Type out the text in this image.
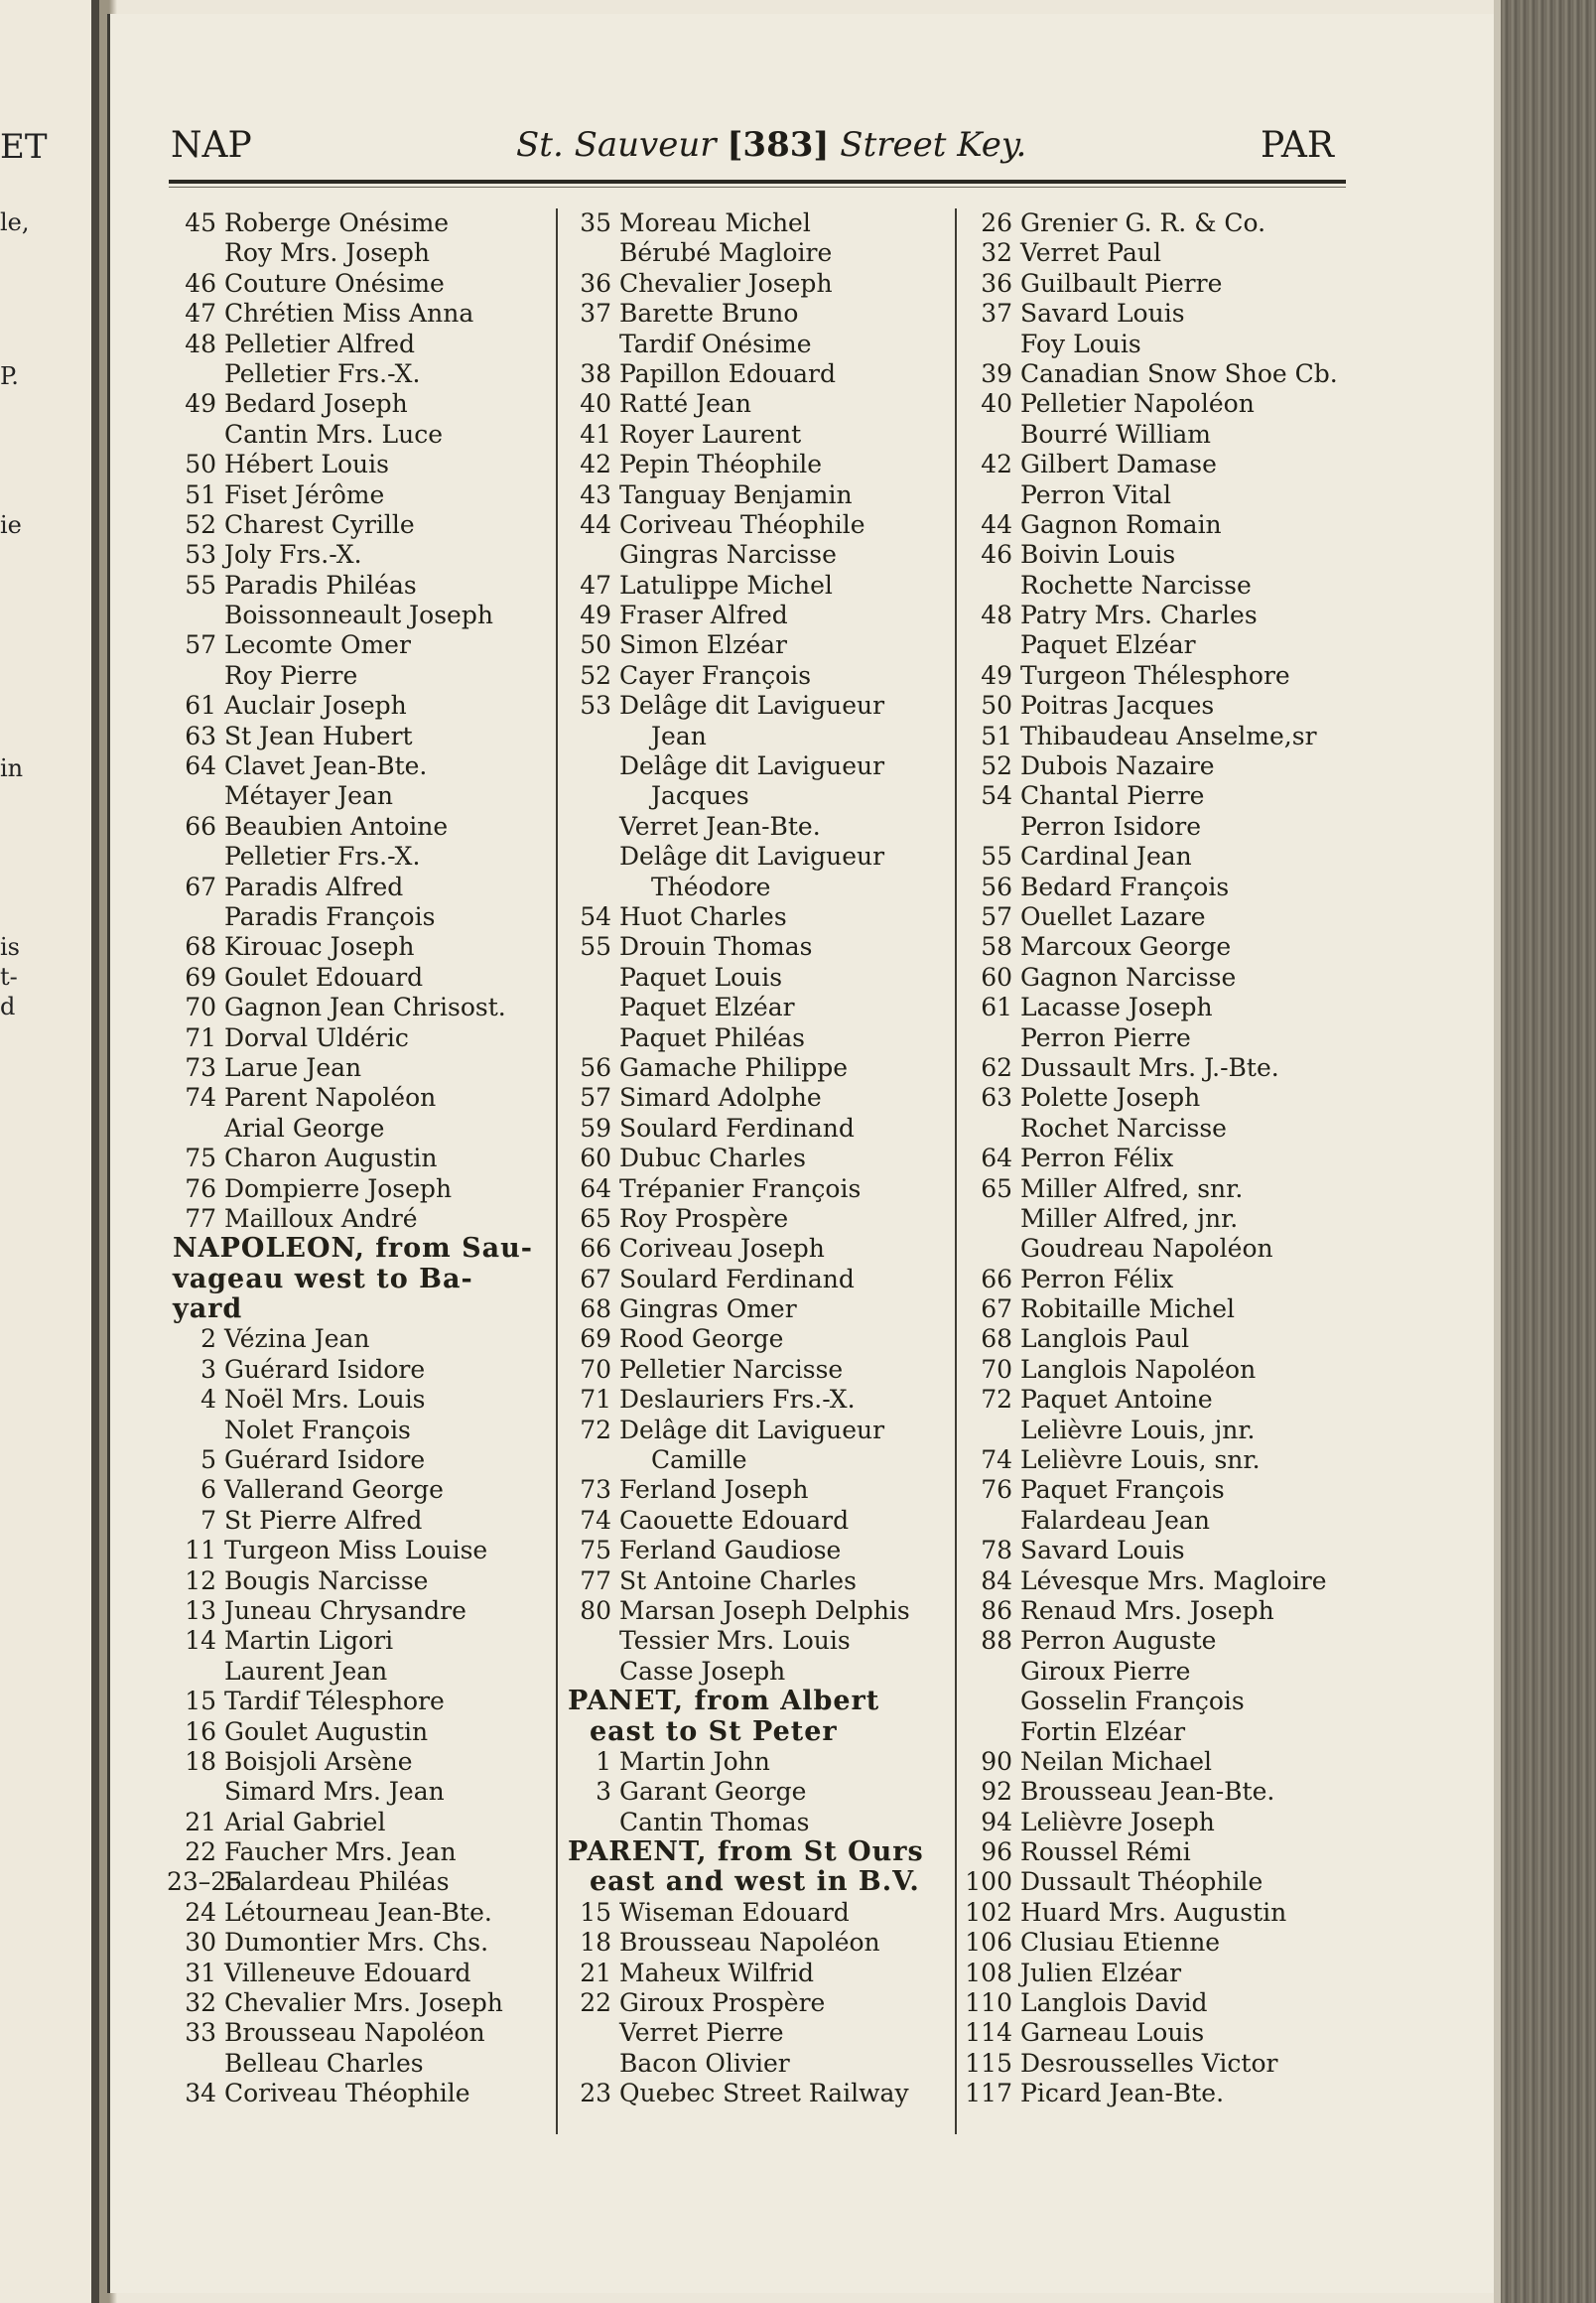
ET
le,
P.
ie
in
is
t-
d
NAP	St. Sauveur [383] Street Key.	PAR
45 Roberge Onésime
Roy Mrs. Joseph
46 Couture Onésime
47 Chrétien Miss Anna
48 Pelletier Alfred
Pelletier Frs.-X.
49 Bedard Joseph
Cantin Mrs. Luce
50 Hébert Louis
51 Fiset Jérôme
52 Charest Cyrille
53 Joly Frs.-X.
55 Paradis Philéas
Boissonneault Joseph
57 Lecomte Omer
Roy Pierre
61 Auclair Joseph
63 St Jean Hubert
64 Clavet Jean-Bte.
Métayer Jean
66 Beaubien Antoine
Pelletier Frs.-X.
67 Paradis Alfred
Paradis François
68 Kirouac Joseph
69 Goulet Edouard
70 Gagnon Jean Chrisost.
71 Dorval Uldéric
73 Larue Jean
74 Parent Napoléon
Arial George
75 Charon Augustin
76 Dompierre Joseph
77 Mailloux André
NAPOLEON, from Sau-
vageau west to Ba-
yard
2 Vézina Jean
3 Guérard Isidore
4 Noël Mrs. Louis
Nolet François
5 Guérard Isidore
6 Vallerand George
7 St Pierre Alfred
11 Turgeon Miss Louise
12 Bougis Narcisse
13 Juneau Chrysandre
14 Martin Ligori
Laurent Jean
15 Tardif Télesphore
16 Goulet Augustin
18 Boisjoli Arsène
Simard Mrs. Jean
21 Arial Gabriel
22 Faucher Mrs. Jean
23–25Falardeau Philéas
24 Létourneau Jean-Bte.
30 Dumontier Mrs. Chs.
31 Villeneuve Edouard
32 Chevalier Mrs. Joseph
33 Brousseau Napoléon
Belleau Charles
34 Coriveau Théophile
35 Moreau Michel
Bérubé Magloire
36 Chevalier Joseph
37 Barette Bruno
Tardif Onésime
38 Papillon Edouard
40 Ratté Jean
41 Royer Laurent
42 Pepin Théophile
43 Tanguay Benjamin
44 Coriveau Théophile
Gingras Narcisse
47 Latulippe Michel
49 Fraser Alfred
50 Simon Elzéar
52 Cayer François
53 Delâge dit Lavigueur
Jean
Delâge dit Lavigueur
Jacques
Verret Jean-Bte.
Delâge dit Lavigueur
Théodore
54 Huot Charles
55 Drouin Thomas
Paquet Louis
Paquet Elzéar
Paquet Philéas
56 Gamache Philippe
57 Simard Adolphe
59 Soulard Ferdinand
60 Dubuc Charles
64 Trépanier François
65 Roy Prospère
66 Coriveau Joseph
67 Soulard Ferdinand
68 Gingras Omer
69 Rood George
70 Pelletier Narcisse
71 Deslauriers Frs.-X.
72 Delâge dit Lavigueur
Camille
73 Ferland Joseph
74 Caouette Edouard
75 Ferland Gaudiose
77 St Antoine Charles
80 Marsan Joseph Delphis
Tessier Mrs. Louis
Casse Joseph
PANET, from Albert
east to St Peter
1 Martin John
3 Garant George
Cantin Thomas
PARENT, from St Ours
east and west in B.V.
15 Wiseman Edouard
18 Brousseau Napoléon
21 Maheux Wilfrid
22 Giroux Prospère
Verret Pierre
Bacon Olivier
23 Quebec Street Railway
26 Grenier G. R. & Co.
32 Verret Paul
36 Guilbault Pierre
37 Savard Louis
Foy Louis
39 Canadian Snow Shoe Cb.
40 Pelletier Napoléon
Bourré William
42 Gilbert Damase
Perron Vital
44 Gagnon Romain
46 Boivin Louis
Rochette Narcisse
48 Patry Mrs. Charles
Paquet Elzéar
49 Turgeon Thélesphore
50 Poitras Jacques
51 Thibaudeau Anselme,sr
52 Dubois Nazaire
54 Chantal Pierre
Perron Isidore
55 Cardinal Jean
56 Bedard François
57 Ouellet Lazare
58 Marcoux George
60 Gagnon Narcisse
61 Lacasse Joseph
Perron Pierre
62 Dussault Mrs. J.-Bte.
63 Polette Joseph
Rochet Narcisse
64 Perron Félix
65 Miller Alfred, snr.
Miller Alfred, jnr.
Goudreau Napoléon
66 Perron Félix
67 Robitaille Michel
68 Langlois Paul
70 Langlois Napoléon
72 Paquet Antoine
Lelièvre Louis, jnr.
74 Lelièvre Louis, snr.
76 Paquet François
Falardeau Jean
78 Savard Louis
84 Lévesque Mrs. Magloire
86 Renaud Mrs. Joseph
88 Perron Auguste
Giroux Pierre
Gosselin François
Fortin Elzéar
90 Neilan Michael
92 Brousseau Jean-Bte.
94 Lelièvre Joseph
96 Roussel Rémi
100 Dussault Théophile
102 Huard Mrs. Augustin
106 Clusiau Etienne
108 Julien Elzéar
110 Langlois David
114 Garneau Louis
115 Desrousselles Victor
117 Picard Jean-Bte.
